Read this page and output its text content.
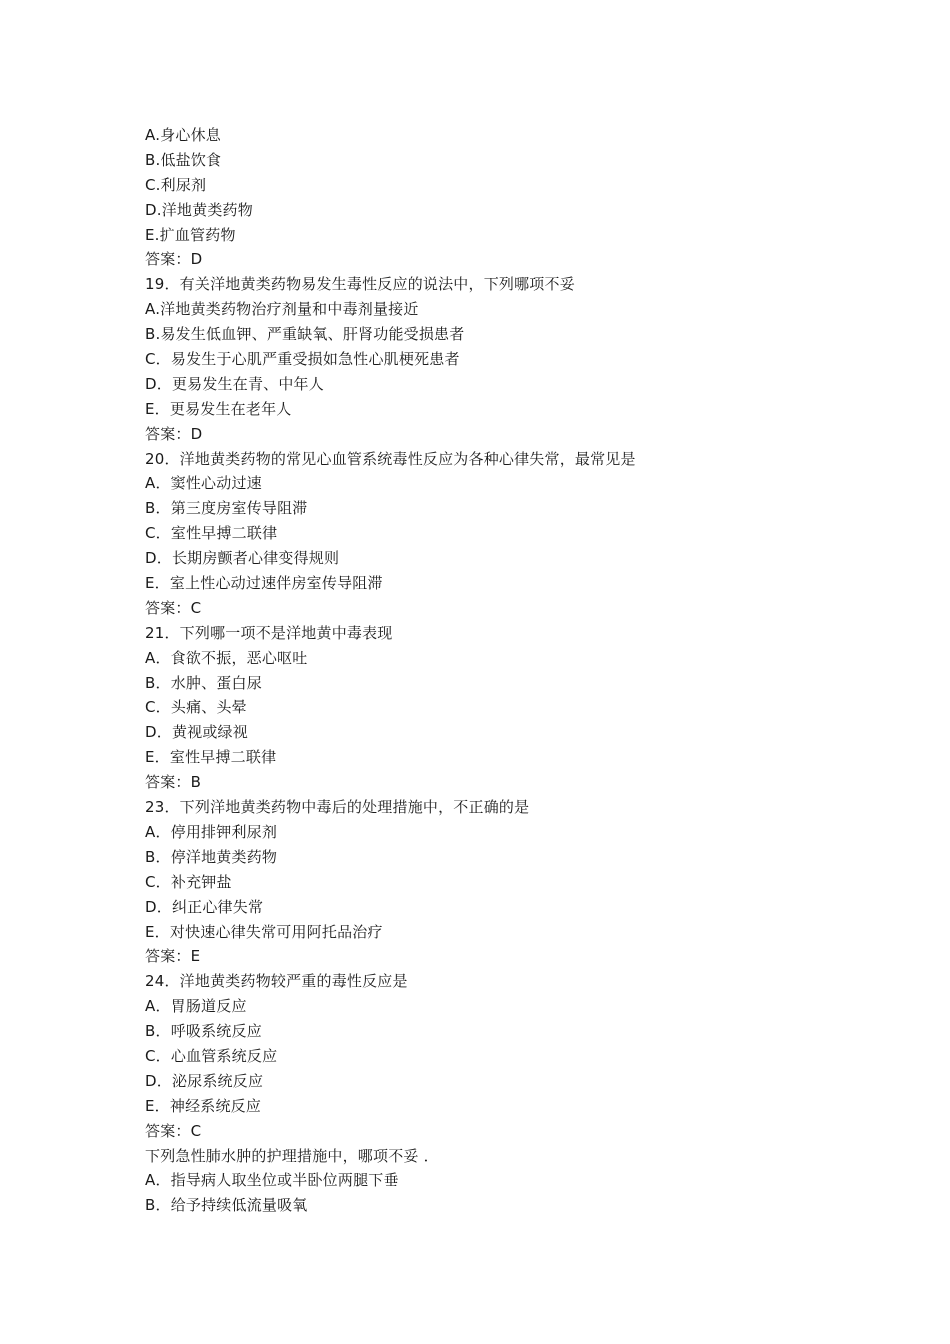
A.身心休息
B.低盐饮食
C.利尿剂
D.洋地黄类药物
E.扩血管药物
答案：D
19．有关洋地黄类药物易发生毒性反应的说法中，下列哪项不妥
A.洋地黄类药物治疗剂量和中毒剂量接近
B.易发生低血钾、严重缺氧、肝肾功能受损患者
C．易发生于心肌严重受损如急性心肌梗死患者
D．更易发生在青、中年人
E．更易发生在老年人
答案：D
20．洋地黄类药物的常见心血管系统毒性反应为各种心律失常，最常见是
A．窦性心动过速
B．第三度房室传导阻滞
C．室性早搏二联律
D．长期房颤者心律变得规则
E．室上性心动过速伴房室传导阻滞
答案：C
21．下列哪一项不是洋地黄中毒表现
A．食欲不振，恶心呕吐
B．水肿、蛋白尿
C．头痛、头晕
D．黄视或绿视
E．室性早搏二联律
答案：B
23．下列洋地黄类药物中毒后的处理措施中，不正确的是
A．停用排钾利尿剂
B．停洋地黄类药物
C．补充钾盐
D．纠正心律失常
E．对快速心律失常可用阿托品治疗
答案：E
24．洋地黄类药物较严重的毒性反应是
A．胃肠道反应
B．呼吸系统反应
C．心血管系统反应
D．泌尿系统反应
E．神经系统反应
答案：C
下列急性肺水肿的护理措施中，哪项不妥 ．
A．指导病人取坐位或半卧位两腿下垂
B．给予持续低流量吸氧
